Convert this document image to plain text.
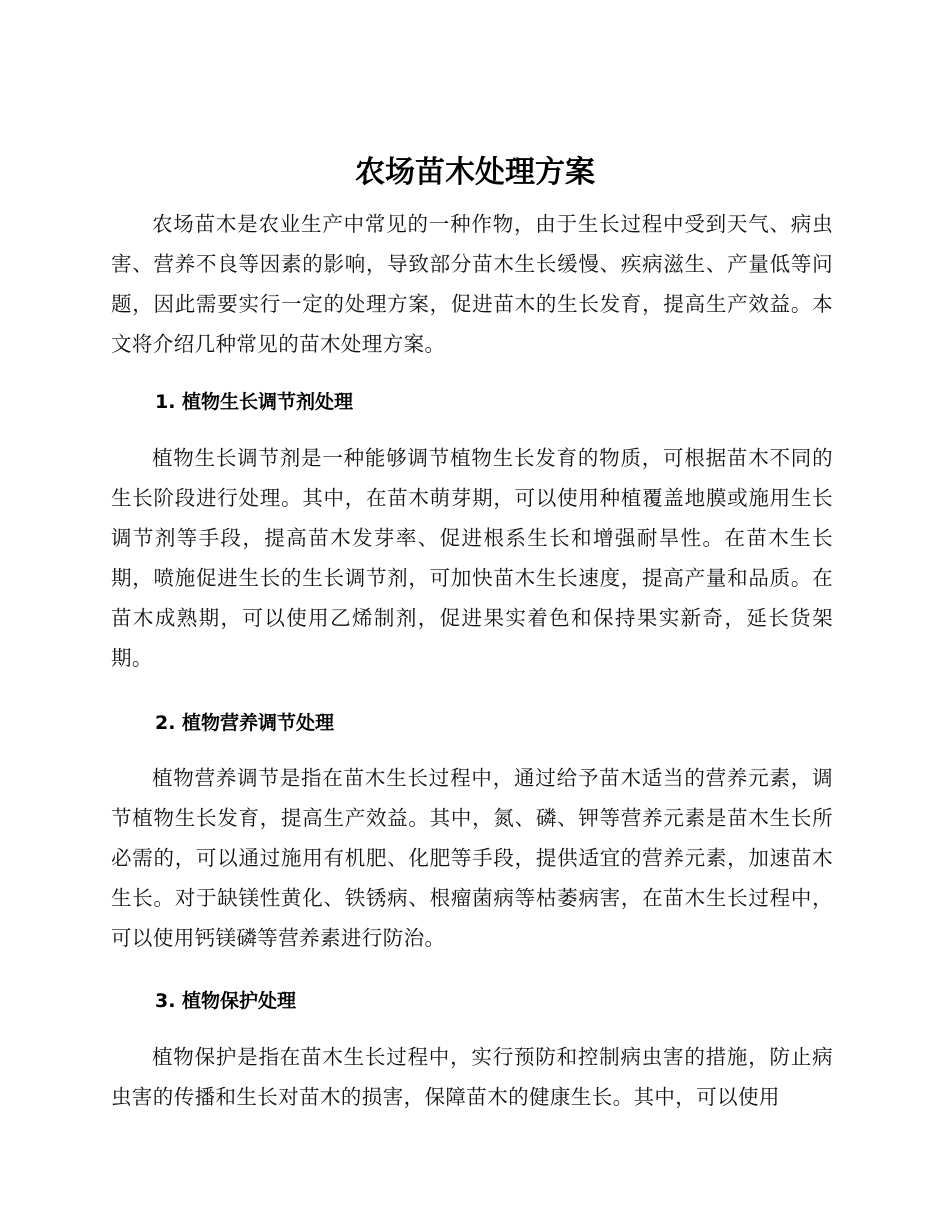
农场苗木处理方案

农场苗木是农业生产中常见的一种作物，由于生长过程中受到天气、病虫害、营养不良等因素的影响，导致部分苗木生长缓慢、疾病滋生、产量低等问题，因此需要实行一定的处理方案，促进苗木的生长发育，提高生产效益。本文将介绍几种常见的苗木处理方案。

1. 植物生长调节剂处理

植物生长调节剂是一种能够调节植物生长发育的物质，可根据苗木不同的生长阶段进行处理。其中，在苗木萌芽期，可以使用种植覆盖地膜或施用生长调节剂等手段，提高苗木发芽率、促进根系生长和增强耐旱性。在苗木生长期，喷施促进生长的生长调节剂，可加快苗木生长速度，提高产量和品质。在苗木成熟期，可以使用乙烯制剂，促进果实着色和保持果实新奇，延长货架期。

2. 植物营养调节处理

植物营养调节是指在苗木生长过程中，通过给予苗木适当的营养元素，调节植物生长发育，提高生产效益。其中，氮、磷、钾等营养元素是苗木生长所必需的，可以通过施用有机肥、化肥等手段，提供适宜的营养元素，加速苗木生长。对于缺镁性黄化、铁锈病、根瘤菌病等枯萎病害，在苗木生长过程中，可以使用钙镁磷等营养素进行防治。

3. 植物保护处理

植物保护是指在苗木生长过程中，实行预防和控制病虫害的措施，防止病虫害的传播和生长对苗木的损害，保障苗木的健康生长。其中，可以使用
